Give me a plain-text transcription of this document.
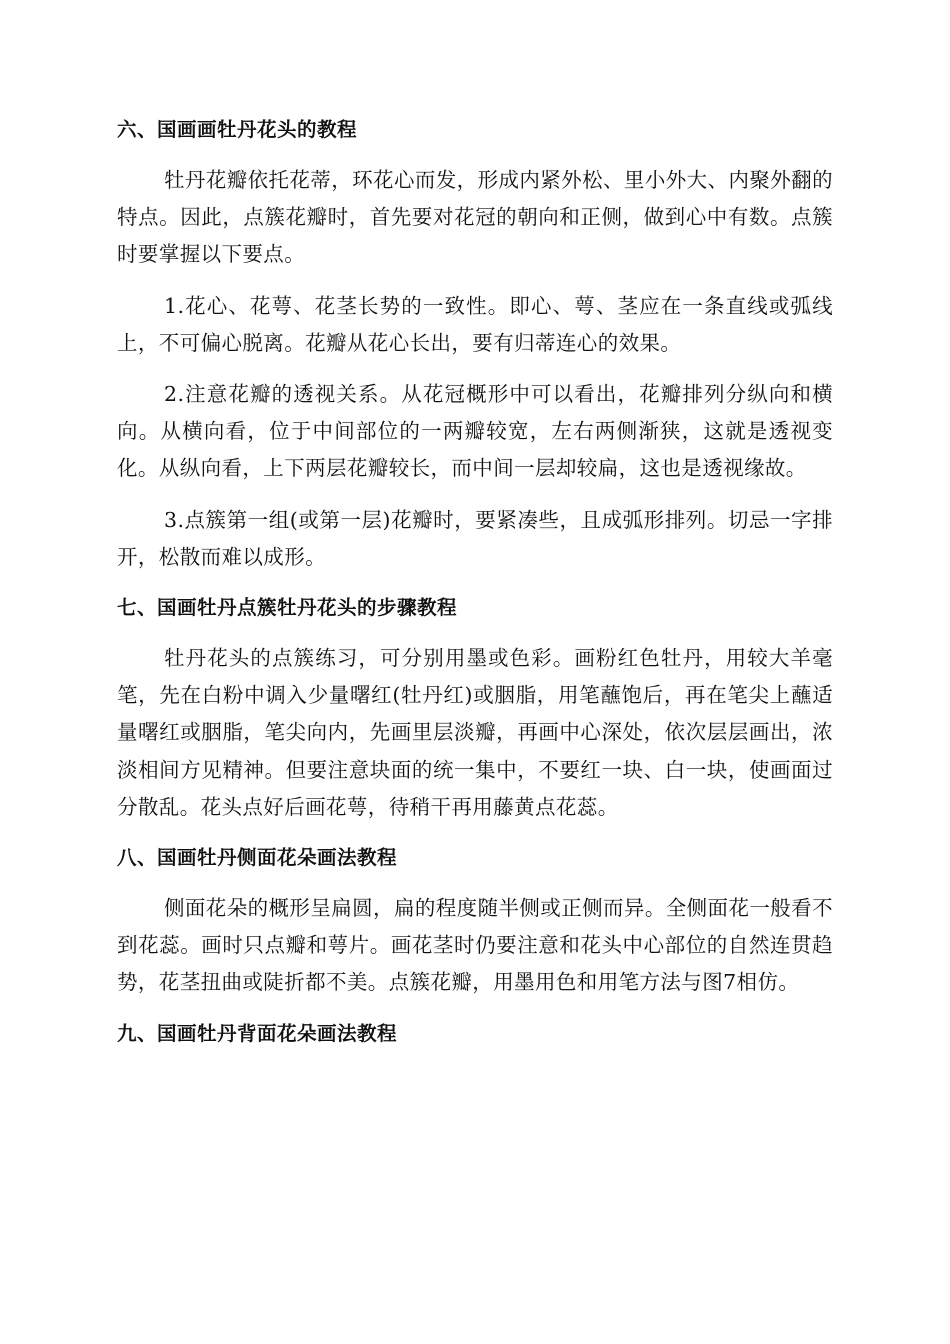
六、国画画牡丹花头的教程

牡丹花瓣依托花蒂，环花心而发，形成内紧外松、里小外大、内聚外翻的特点。因此，点簇花瓣时，首先要对花冠的朝向和正侧，做到心中有数。点簇时要掌握以下要点。

1.花心、花萼、花茎长势的一致性。即心、萼、茎应在一条直线或弧线上，不可偏心脱离。花瓣从花心长出，要有归蒂连心的效果。

2.注意花瓣的透视关系。从花冠概形中可以看出，花瓣排列分纵向和横向。从横向看，位于中间部位的一两瓣较宽，左右两侧渐狭，这就是透视变化。从纵向看，上下两层花瓣较长，而中间一层却较扁，这也是透视缘故。

3.点簇第一组(或第一层)花瓣时，要紧凑些，且成弧形排列。切忌一字排开，松散而难以成形。

七、国画牡丹点簇牡丹花头的步骤教程

牡丹花头的点簇练习，可分别用墨或色彩。画粉红色牡丹，用较大羊毫笔，先在白粉中调入少量曙红(牡丹红)或胭脂，用笔蘸饱后，再在笔尖上蘸适量曙红或胭脂，笔尖向内，先画里层淡瓣，再画中心深处，依次层层画出，浓淡相间方见精神。但要注意块面的统一集中，不要红一块、白一块，使画面过分散乱。花头点好后画花萼，待稍干再用藤黄点花蕊。

八、国画牡丹侧面花朵画法教程

侧面花朵的概形呈扁圆，扁的程度随半侧或正侧而异。全侧面花一般看不到花蕊。画时只点瓣和萼片。画花茎时仍要注意和花头中心部位的自然连贯趋势，花茎扭曲或陡折都不美。点簇花瓣，用墨用色和用笔方法与图7相仿。

九、国画牡丹背面花朵画法教程
